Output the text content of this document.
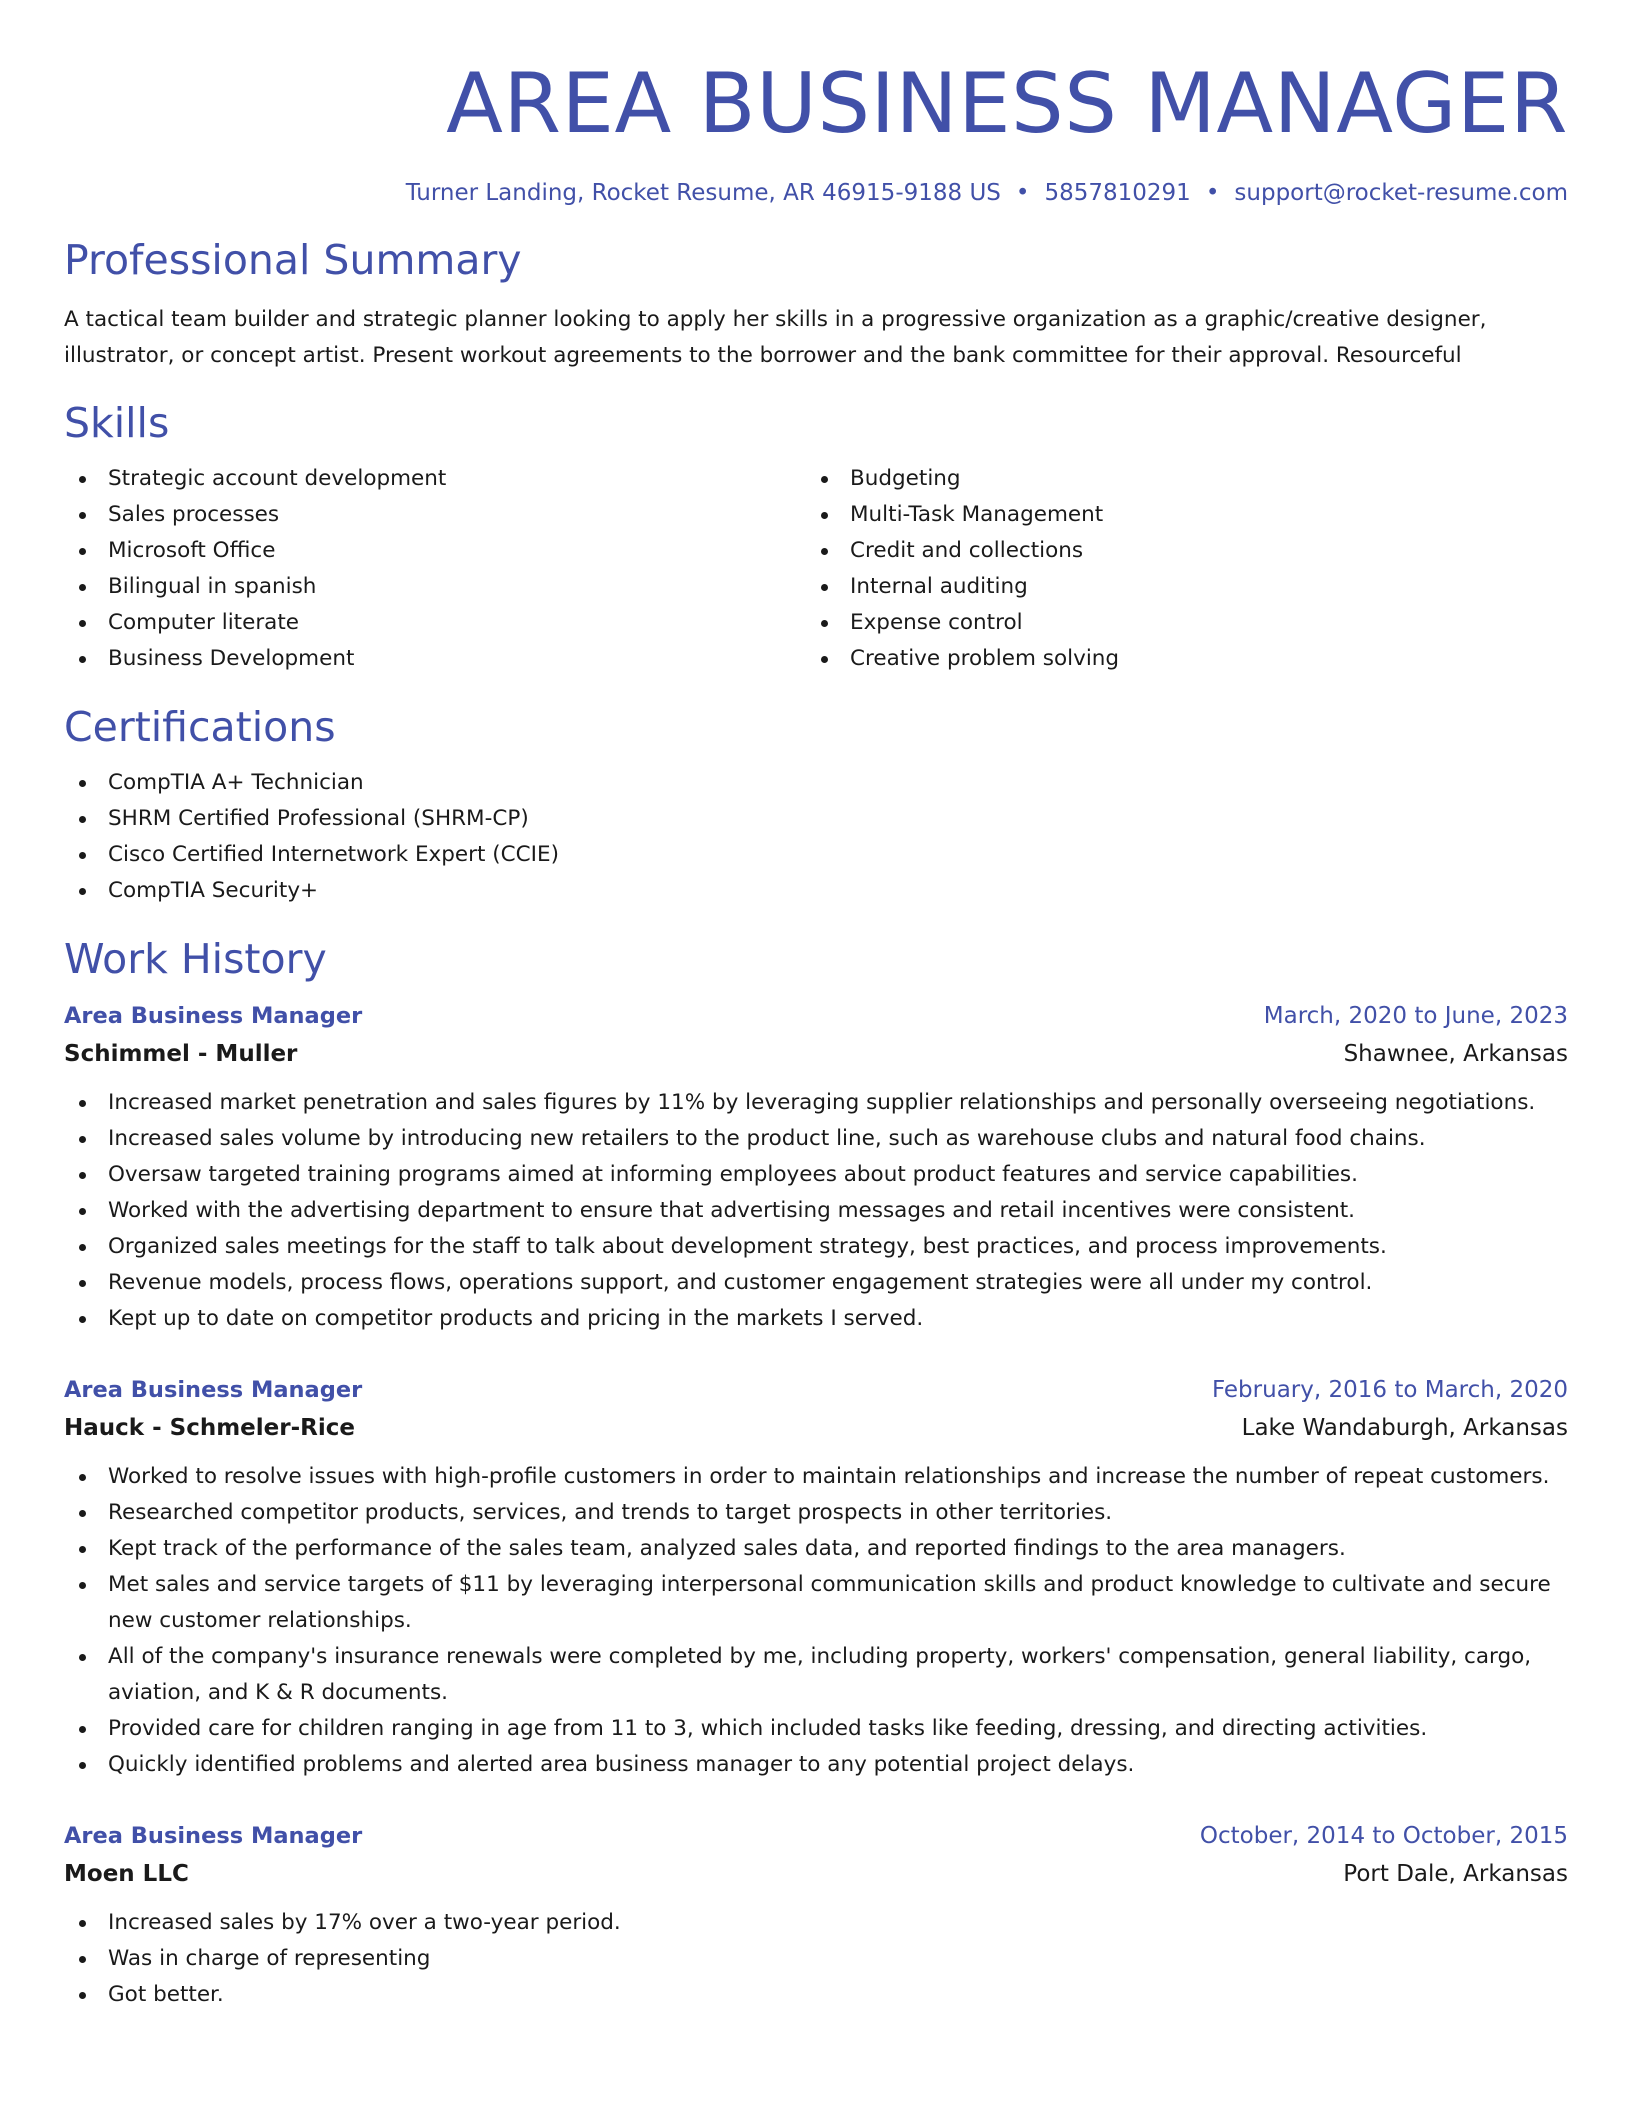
AREA BUSINESS MANAGER
Turner Landing, Rocket Resume, AR 46915-9188 US • 5857810291 • support@rocket-resume.com
Professional Summary

A tactical team builder and strategic planner looking to apply her skills in a progressive organization as a graphic/creative designer, illustrator, or concept artist. Present workout agreements to the borrower and the bank committee for their approval. Resourceful

Skills
Strategic account development
Sales processes
Microsoft Office
Bilingual in spanish
Computer literate
Business Development
Budgeting
Multi-Task Management
Credit and collections
Internal auditing
Expense control
Creative problem solving
Certifications
CompTIA A+ Technician
SHRM Certified Professional (SHRM-CP)
Cisco Certified Internetwork Expert (CCIE)
CompTIA Security+
Work History
Area Business Manager	March, 2020 to June, 2023
Schimmel - Muller	Shawnee, Arkansas
Increased market penetration and sales figures by 11% by leveraging supplier relationships and personally overseeing negotiations.
Increased sales volume by introducing new retailers to the product line, such as warehouse clubs and natural food chains.
Oversaw targeted training programs aimed at informing employees about product features and service capabilities.
Worked with the advertising department to ensure that advertising messages and retail incentives were consistent.
Organized sales meetings for the staff to talk about development strategy, best practices, and process improvements.
Revenue models, process flows, operations support, and customer engagement strategies were all under my control.
Kept up to date on competitor products and pricing in the markets I served.
Area Business Manager	February, 2016 to March, 2020
Hauck - Schmeler-Rice	Lake Wandaburgh, Arkansas
Worked to resolve issues with high-profile customers in order to maintain relationships and increase the number of repeat customers.
Researched competitor products, services, and trends to target prospects in other territories.
Kept track of the performance of the sales team, analyzed sales data, and reported findings to the area managers.
Met sales and service targets of $11 by leveraging interpersonal communication skills and product knowledge to cultivate and secure new customer relationships.
All of the company's insurance renewals were completed by me, including property, workers' compensation, general liability, cargo, aviation, and K & R documents.
Provided care for children ranging in age from 11 to 3, which included tasks like feeding, dressing, and directing activities.
Quickly identified problems and alerted area business manager to any potential project delays.
Area Business Manager	October, 2014 to October, 2015
Moen LLC	Port Dale, Arkansas
Increased sales by 17% over a two-year period.
Was in charge of representing
Got better.
